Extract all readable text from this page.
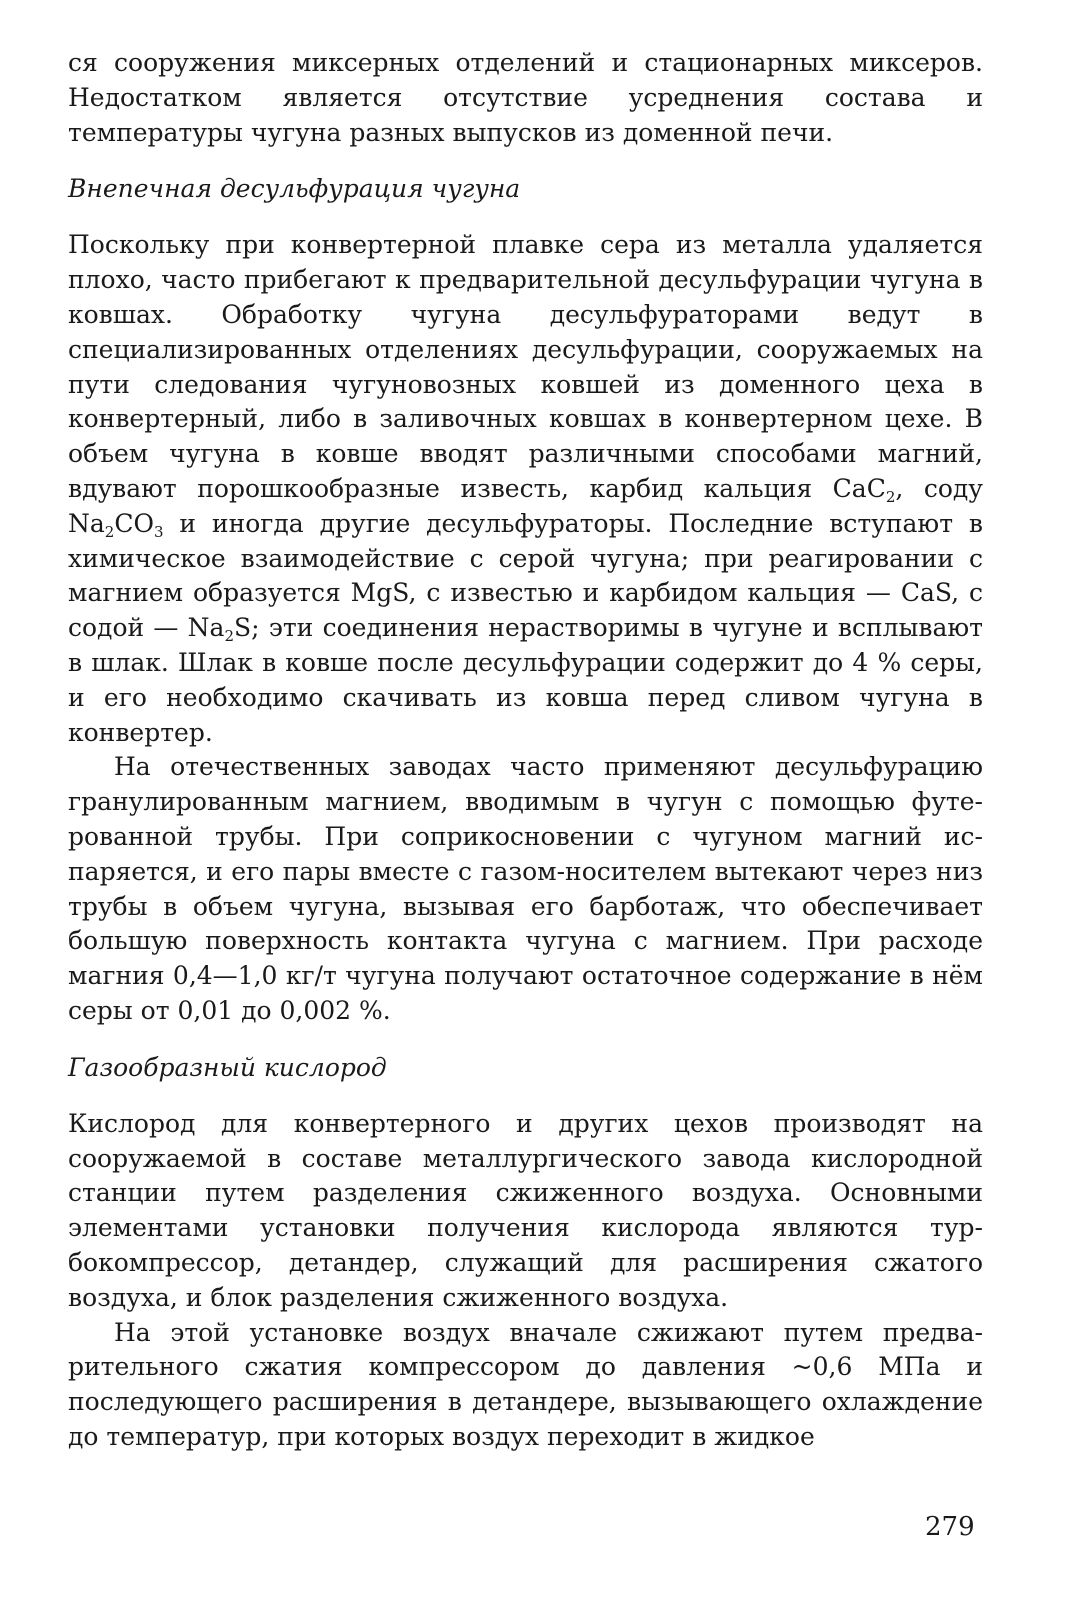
ся сооружения миксерных отделений и стационарных миксеров. Недостатком является отсутствие усреднения состава и температуры чугуна разных выпусков из доменной печи.

Внепечная десульфурация чугуна

Поскольку при конвертерной плавке сера из металла удаляется плохо, часто прибегают к предварительной десульфурации чугуна в ковшах. Обработку чугуна десульфураторами ведут в специализированных отделениях десульфурации, сооружаемых на пути следования чугуновозных ковшей из доменного цеха в конвертерный, либо в заливочных ковшах в конвертерном цехе. В объем чугуна в ковше вводят различными способами магний, вдувают порошкообразные известь, карбид кальция CaC$_2$, соду $Na_2CO_3$ и иногда другие десульфураторы. Последние вступают в химическое взаимодействие с серой чугуна; при реагировании с магнием образуется MgS, с известью и карбидом кальция — CaS, с содой — $Na_2S$; эти соединения нерастворимы в чугуне и всплывают в шлак. Шлак в ковше после десульфурации содержит до 4 % серы, и его необходимо скачивать из ковша перед сливом чугуна в конвертер.

На отечественных заводах часто применяют десульфурацию гранулированным магнием, вводимым в чугун с помощью футерованной трубы. При соприкосновении с чугуном магний испаряется, и его пары вместе с газом-носителем вытекают через низ трубы в объем чугуна, вызывая его барботаж, что обеспечивает большую поверхность контакта чугуна с магнием. При расходе магния 0,4—1,0 кг/т чугуна получают остаточное содержание в нём серы от 0,01 до 0,002 %.

Газообразный кислород

Кислород для конвертерного и других цехов производят на сооружаемой в составе металлургического завода кислородной станции путем разделения сжиженного воздуха. Основными элементами установки получения кислорода являются турбокомпрессор, детандер, служащий для расширения сжатого воздуха, и блок разделения сжиженного воздуха.

На этой установке воздух вначале сжижают путем предварительного сжатия компрессором до давления ~0,6 МПа и последующего расширения в детандере, вызывающего охлаждение до температур, при которых воздух переходит в жидкое

279
